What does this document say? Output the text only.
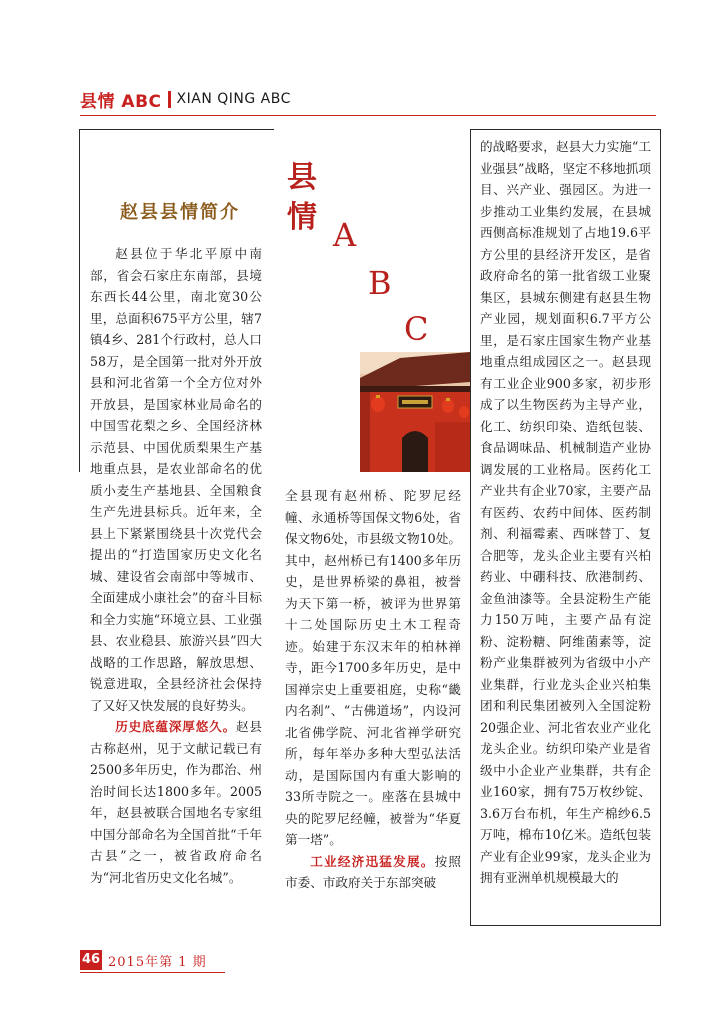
县情 ABC XIAN QING ABC
赵县县情简介
县
情 A
B
C

赵县位于华北平原中南部，省会石家庄东南部，县境东西长44公里，南北宽30公里，总面积675平方公里，辖7镇4乡、281个行政村，总人口58万，是全国第一批对外开放县和河北省第一个全方位对外开放县，是国家林业局命名的中国雪花梨之乡、全国经济林示范县、中国优质梨果生产基地重点县，是农业部命名的优质小麦生产基地县、全国粮食生产先进县标兵。近年来，全县上下紧紧围绕县十次党代会提出的“打造国家历史文化名城、建设省会南部中等城市、全面建成小康社会”的奋斗目标和全力实施“环境立县、工业强县、农业稳县、旅游兴县”四大战略的工作思路，解放思想、锐意进取，全县经济社会保持了又好又快发展的良好势头。

历史底蕴深厚悠久。赵县古称赵州，见于文献记载已有2500多年历史，作为郡治、州治时间长达1800多年。2005年，赵县被联合国地名专家组中国分部命名为全国首批“千年古县”之一，被省政府命名为“河北省历史文化名城”。

全县现有赵州桥、陀罗尼经幢、永通桥等国保文物6处，省保文物6处，市县级文物10处。其中，赵州桥已有1400多年历史，是世界桥梁的鼻祖，被誉为天下第一桥，被评为世界第十二处国际历史土木工程奇迹。始建于东汉末年的柏林禅寺，距今1700多年历史，是中国禅宗史上重要祖庭，史称“畿内名刹”、“古佛道场”，内设河北省佛学院、河北省禅学研究所，每年举办多种大型弘法活动，是国际国内有重大影响的33所寺院之一。座落在县城中央的陀罗尼经幢，被誉为“华夏第一塔”。

工业经济迅猛发展。按照市委、市政府关于东部突破

的战略要求，赵县大力实施“工业强县”战略，坚定不移地抓项目、兴产业、强园区。为进一步推动工业集约发展，在县城西侧高标准规划了占地19.6平方公里的县经济开发区，是省政府命名的第一批省级工业聚集区，县城东侧建有赵县生物产业园，规划面积6.7平方公里，是石家庄国家生物产业基地重点组成园区之一。赵县现有工业企业900多家，初步形成了以生物医药为主导产业，化工、纺织印染、造纸包装、食品调味品、机械制造产业协调发展的工业格局。医药化工产业共有企业70家，主要产品有医药、农药中间体、医药制剂、利福霉素、西咪替丁、复合肥等，龙头企业主要有兴柏药业、中硼科技、欣港制药、金鱼油漆等。全县淀粉生产能力150万吨，主要产品有淀粉、淀粉糖、阿维菌素等，淀粉产业集群被列为省级中小产业集群，行业龙头企业兴柏集团和利民集团被列入全国淀粉20强企业、河北省农业产业化龙头企业。纺织印染产业是省级中小企业产业集群，共有企业160家，拥有75万枚纱锭、3.6万台布机，年生产棉纱6.5万吨，棉布10亿米。造纸包装产业有企业99家，龙头企业为拥有亚洲单机规模最大的

46 2015年第 1 期
